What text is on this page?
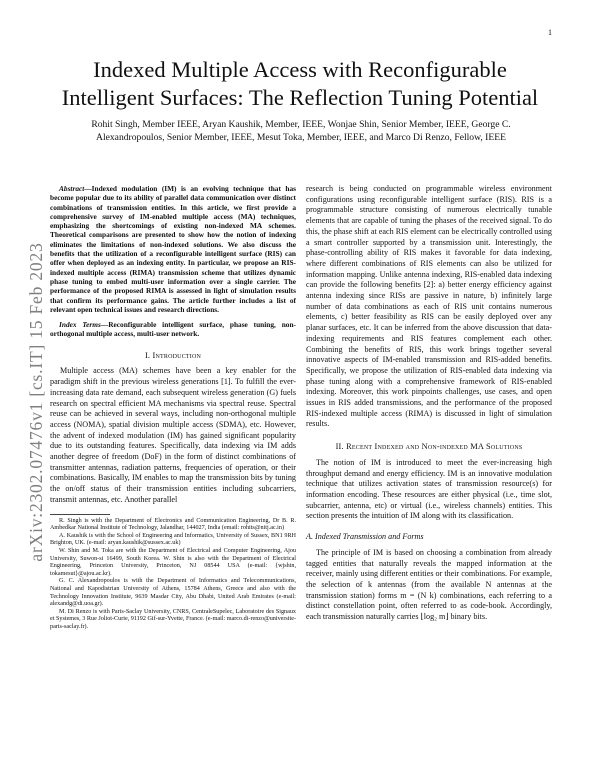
1
arXiv:2302.07476v1 [cs.IT] 15 Feb 2023
Indexed Multiple Access with Reconfigurable
Intelligent Surfaces: The Reflection Tuning Potential
Rohit Singh, Member IEEE, Aryan Kaushik, Member, IEEE, Wonjae Shin, Senior Member, IEEE, George C. Alexandropoulos, Senior Member, IEEE, Mesut Toka, Member, IEEE, and Marco Di Renzo, Fellow, IEEE

Abstract—Indexed modulation (IM) is an evolving technique that has become popular due to its ability of parallel data communication over distinct combinations of transmission entities. In this article, we first provide a comprehensive survey of IM-enabled multiple access (MA) techniques, emphasizing the shortcomings of existing non-indexed MA schemes. Theoretical comparisons are presented to show how the notion of indexing eliminates the limitations of non-indexed solutions. We also discuss the benefits that the utilization of a reconfigurable intelligent surface (RIS) can offer when deployed as an indexing entity. In particular, we propose an RIS-indexed multiple access (RIMA) transmission scheme that utilizes dynamic phase tuning to embed multi-user information over a single carrier. The performance of the proposed RIMA is assessed in light of simulation results that confirm its performance gains. The article further includes a list of relevant open technical issues and research directions.

Index Terms—Reconfigurable intelligent surface, phase tuning, non-orthogonal multiple access, multi-user network.

I. Introduction

Multiple access (MA) schemes have been a key enabler for the paradigm shift in the previous wireless generations [1]. To fulfill the ever-increasing data rate demand, each subsequent wireless generation (G) fuels research on spectral efficient MA mechanisms via spectral reuse. Spectral reuse can be achieved in several ways, including non-orthogonal multiple access (NOMA), spatial division multiple access (SDMA), etc. However, the advent of indexed modulation (IM) has gained significant popularity due to its outstanding features. Specifically, data indexing via IM adds another degree of freedom (DoF) in the form of distinct combinations of transmitter antennas, radiation patterns, frequencies of operation, or their combinations. Basically, IM enables to map the transmission bits by tuning the on/off status of their transmission entities including subcarriers, transmit antennas, etc. Another parallel

R. Singh is with the Department of Electronics and Communication Engineering, Dr B. R. Ambedkar National Institute of Technology, Jalandhar, 144027, India (email: rohits@nitj.ac.in)

A. Kaushik is with the School of Engineering and Informatics, University of Sussex, BN1 9RH Brighton, UK. (e-mail: aryan.kaushik@sussex.ac.uk)

W. Shin and M. Toka are with the Department of Electrical and Computer Engineering, Ajou University, Suwon-si 16499, South Korea. W. Shin is also with the Department of Electrical Engineering, Princeton University, Princeton, NJ 08544 USA (e-mail: {wjshin, tokamesut}@ajou.ac.kr).

G. C. Alexandropoulos is with the Department of Informatics and Telecommunications, National and Kapodistrian University of Athens, 15784 Athens, Greece and also with the Technology Innovation Institute, 9639 Masdar City, Abu Dhabi, United Arab Emirates (e-mail: alexandg@di.uoa.gr).

M. Di Renzo is with Paris-Saclay University, CNRS, CentraleSupelec, Laboratoire des Signaux et Systemes, 3 Rue Joliot-Curie, 91192 Gif-sur-Yvette, France. (e-mail: marco.di-renzo@universite-paris-saclay.fr).

research is being conducted on programmable wireless environment configurations using reconfigurable intelligent surface (RIS). RIS is a programmable structure consisting of numerous electrically tunable elements that are capable of tuning the phases of the received signal. To do this, the phase shift at each RIS element can be electrically controlled using a smart controller supported by a transmission unit. Interestingly, the phase-controlling ability of RIS makes it favorable for data indexing, where different combinations of RIS elements can also be utilized for information mapping. Unlike antenna indexing, RIS-enabled data indexing can provide the following benefits [2]: a) better energy efficiency against antenna indexing since RISs are passive in nature, b) infinitely large number of data combinations as each of RIS unit contains numerous elements, c) better feasibility as RIS can be easily deployed over any planar surfaces, etc. It can be inferred from the above discussion that data-indexing requirements and RIS features complement each other. Combining the benefits of RIS, this work brings together several innovative aspects of IM-enabled transmission and RIS-added benefits. Specifically, we propose the utilization of RIS-enabled data indexing via phase tuning along with a comprehensive framework of RIS-enabled indexing. Moreover, this work pinpoints challenges, use cases, and open issues in RIS added transmissions, and the performance of the proposed RIS-indexed multiple access (RIMA) is discussed in light of simulation results.

II. Recent Indexed and Non-indexed MA Solutions

The notion of IM is introduced to meet the ever-increasing high throughput demand and energy efficiency. IM is an innovative modulation technique that utilizes activation states of transmission resource(s) for information encoding. These resources are either physical (i.e., time slot, subcarrier, antenna, etc) or virtual (i.e., wireless channels) entities. This section presents the intuition of IM along with its classification.

A. Indexed Transmission and Forms

The principle of IM is based on choosing a combination from already tagged entities that naturally reveals the mapped information at the receiver, mainly using different entities or their combinations. For example, the selection of k antennas (from the available N antennas at the transmission station) forms m = (N k) combinations, each referring to a distinct constellation point, often referred to as code-book. Accordingly, each transmission naturally carries ⌊log₂ m⌋ binary bits.
